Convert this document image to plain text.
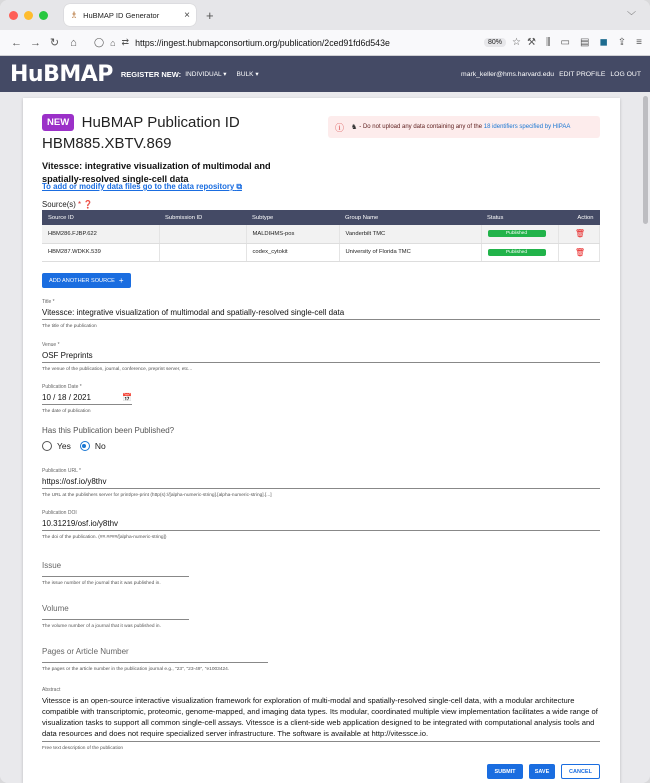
♗ HuBMAP ID Generator	× +	﹀
← → ↻	⌂	◯ ⌂ ⇄ https://ingest.hubmapconsortium.org/publication/2ced91fd6d543e	80%	☆ ⚒ ⫼ ▭ ▤ ◼ ⇪ ≡
HuBMAP REGISTER NEW: INDIVIDUAL ▾ BULK ▾	mark_keller@hms.harvard.edu EDIT PROFILE LOG OUT
NEW HuBMAP Publication ID
HBM885.XBTV.869
Vitessce: integrative visualization of multimodal and spatially-resolved single-cell data
ⓘ ♞ - Do not upload any data containing any of the
18 identifiers specified by HIPAA
To add or modify data files go to the data repository ⧉
Source(s) * ❓
Source ID	Submission ID	Subtype	Group Name	Status	Action
HBM286.FJBP.622		MALDIHMS-pos	Vanderbilt TMC	Published	🗑
HBM287.WDKK.539		codex_cytokit	University of Florida TMC	Published	🗑
ADD ANOTHER SOURCE +
Title *
Vitessce: integrative visualization of multimodal and spatially-resolved single-cell data
The title of the publication
Venue *
OSF Preprints
The venue of the publication, journal, conference, preprint server, etc...
Publication Date *
10 / 18 / 2021	📅
The date of publication
Has this Publication been Published?
Yes	No
Publication URL *
https://osf.io/y8thv
The URL at the publishers server for print/pre-print (http(s)://[alpha-numeric-string].[alpha-numeric-string].[...]
Publication DOI
10.31219/osf.io/y8thv
The doi of the publication. (##.####/[alpha-numeric-string])
Issue
The issue number of the journal that it was published in.
Volume
The volume number of a journal that it was published in.
Pages or Article Number
The pages or the article number in the publication journal e.g., "23", "23-49", "e1003424.
Abstract
Vitessce is an open-source interactive visualization framework for exploration of multi-modal and spatially-resolved single-cell data, with a modular architecture compatible with transcriptomic, proteomic, genome-mapped, and imaging data types. Its modular, coordinated multiple view implementation facilitates a wide range of visualization tasks to support all common single-cell assays. Vitessce is a client-side web application designed to be integrated with computational analysis tools and data resources and does not require specialized server infrastructure. The software is available at http://vitessce.io.
Free text description of the publication
SUBMIT	SAVE	CANCEL
